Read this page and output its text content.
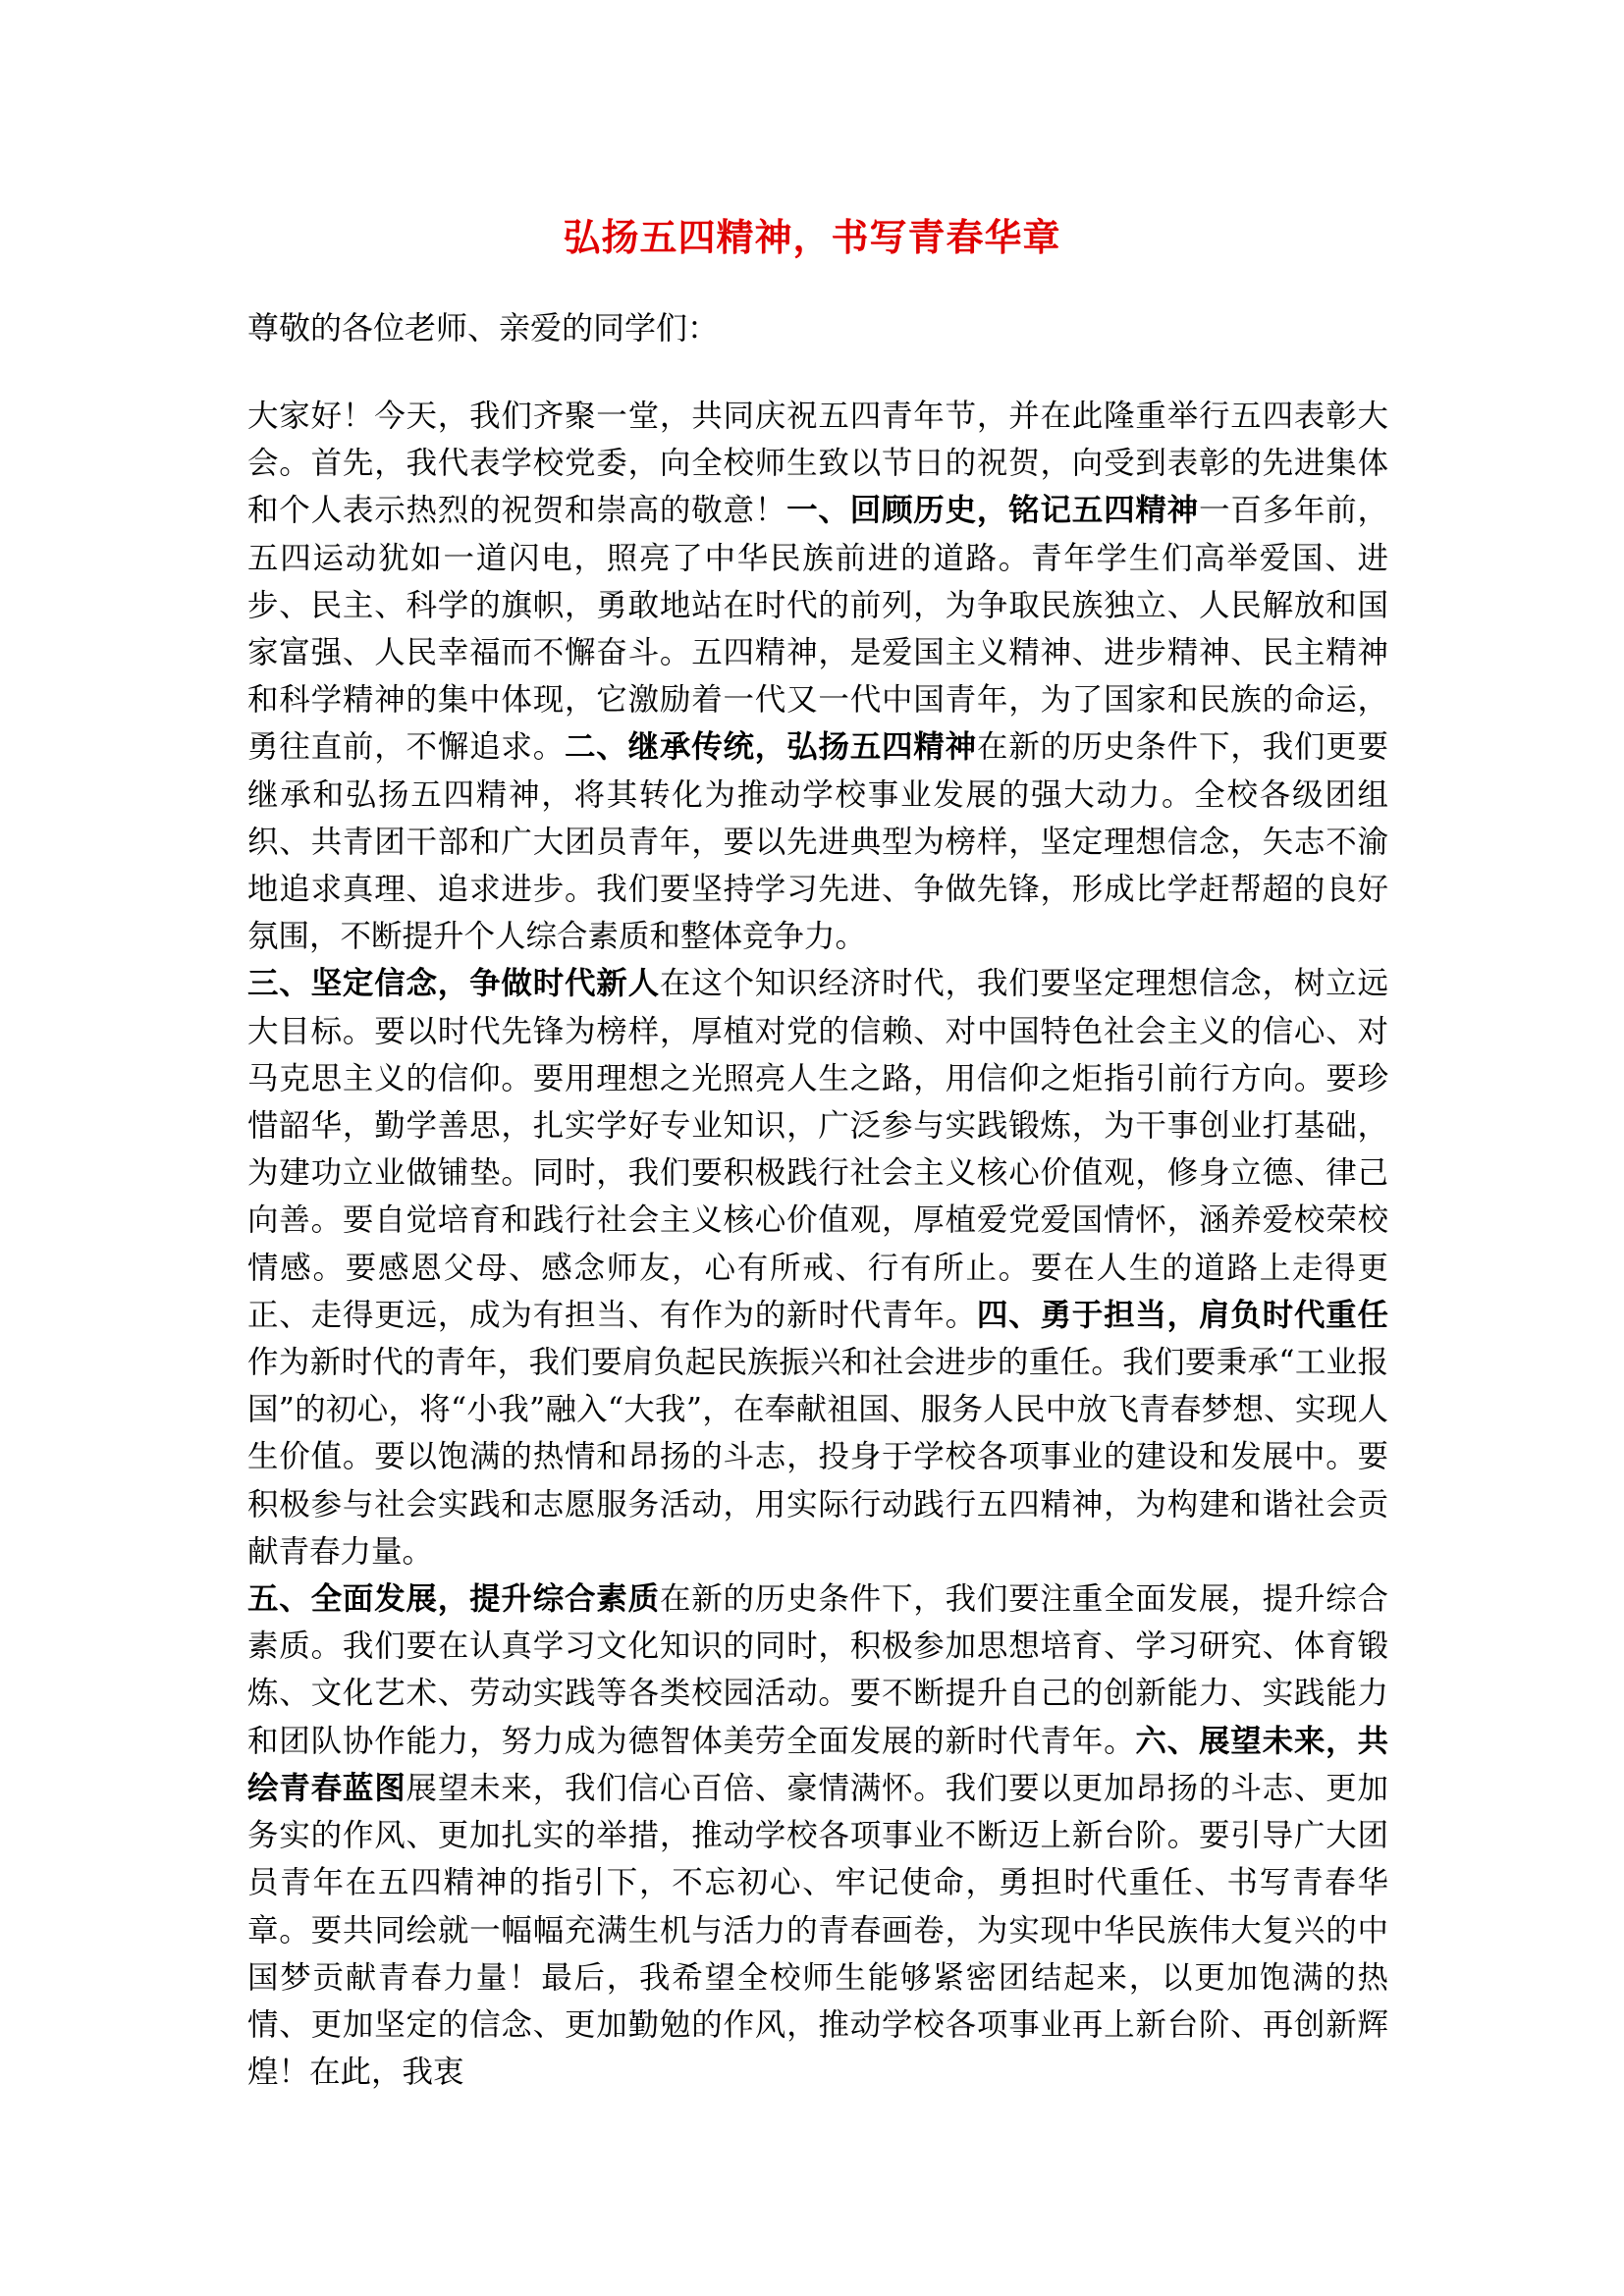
弘扬五四精神，书写青春华章
尊敬的各位老师、亲爱的同学们：

大家好！今天，我们齐聚一堂，共同庆祝五四青年节，并在此隆重举行五四表彰大会。首先，我代表学校党委，向全校师生致以节日的祝贺，向受到表彰的先进集体和个人表示热烈的祝贺和崇高的敬意！一、回顾历史，铭记五四精神一百多年前，五四运动犹如一道闪电，照亮了中华民族前进的道路。青年学生们高举爱国、进步、民主、科学的旗帜，勇敢地站在时代的前列，为争取民族独立、人民解放和国家富强、人民幸福而不懈奋斗。五四精神，是爱国主义精神、进步精神、民主精神和科学精神的集中体现，它激励着一代又一代中国青年，为了国家和民族的命运，勇往直前，不懈追求。二、继承传统，弘扬五四精神在新的历史条件下，我们更要继承和弘扬五四精神，将其转化为推动学校事业发展的强大动力。全校各级团组织、共青团干部和广大团员青年，要以先进典型为榜样，坚定理想信念，矢志不渝地追求真理、追求进步。我们要坚持学习先进、争做先锋，形成比学赶帮超的良好氛围，不断提升个人综合素质和整体竞争力。

三、坚定信念，争做时代新人在这个知识经济时代，我们要坚定理想信念，树立远大目标。要以时代先锋为榜样，厚植对党的信赖、对中国特色社会主义的信心、对马克思主义的信仰。要用理想之光照亮人生之路，用信仰之炬指引前行方向。要珍惜韶华，勤学善思，扎实学好专业知识，广泛参与实践锻炼，为干事创业打基础，为建功立业做铺垫。同时，我们要积极践行社会主义核心价值观，修身立德、律己向善。要自觉培育和践行社会主义核心价值观，厚植爱党爱国情怀，涵养爱校荣校情感。要感恩父母、感念师友，心有所戒、行有所止。要在人生的道路上走得更正、走得更远，成为有担当、有作为的新时代青年。四、勇于担当，肩负时代重任作为新时代的青年，我们要肩负起民族振兴和社会进步的重任。我们要秉承“工业报国”的初心，将“小我”融入“大我”，在奉献祖国、服务人民中放飞青春梦想、实现人生价值。要以饱满的热情和昂扬的斗志，投身于学校各项事业的建设和发展中。要积极参与社会实践和志愿服务活动，用实际行动践行五四精神，为构建和谐社会贡献青春力量。

五、全面发展，提升综合素质在新的历史条件下，我们要注重全面发展，提升综合素质。我们要在认真学习文化知识的同时，积极参加思想培育、学习研究、体育锻炼、文化艺术、劳动实践等各类校园活动。要不断提升自己的创新能力、实践能力和团队协作能力，努力成为德智体美劳全面发展的新时代青年。六、展望未来，共绘青春蓝图展望未来，我们信心百倍、豪情满怀。我们要以更加昂扬的斗志、更加务实的作风、更加扎实的举措，推动学校各项事业不断迈上新台阶。要引导广大团员青年在五四精神的指引下，不忘初心、牢记使命，勇担时代重任、书写青春华章。要共同绘就一幅幅充满生机与活力的青春画卷，为实现中华民族伟大复兴的中国梦贡献青春力量！最后，我希望全校师生能够紧密团结起来，以更加饱满的热情、更加坚定的信念、更加勤勉的作风，推动学校各项事业再上新台阶、再创新辉煌！在此，我衷
